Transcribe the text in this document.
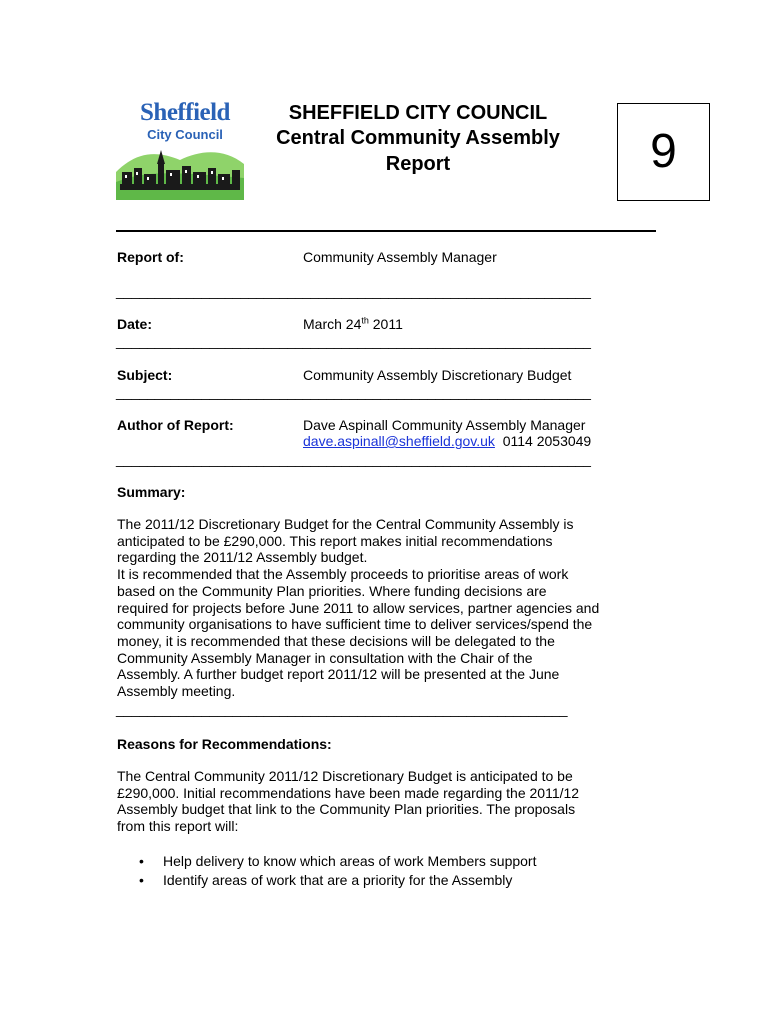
Sheffield
City Council
SHEFFIELD CITY COUNCIL
Central Community Assembly
Report	9
Report of:	Community Assembly Manager
_____________________________________________________________
Date:	March 24th 2011
_____________________________________________________________
Subject:	Community Assembly Discretionary Budget
_____________________________________________________________
Author of Report:	Dave Aspinall Community Assembly Manager
dave.aspinall@sheffield.gov.uk  0114 2053049
_____________________________________________________________
Summary:
The 2011/12 Discretionary Budget for the Central Community Assembly is
anticipated to be £290,000. This report makes initial recommendations
regarding the 2011/12 Assembly budget.
It is recommended that the Assembly proceeds to prioritise areas of work
based on the Community Plan priorities. Where funding decisions are
required for projects before June 2011 to allow services, partner agencies and
community organisations to have sufficient time to deliver services/spend the
money, it is recommended that these decisions will be delegated to the
Community Assembly Manager in consultation with the Chair of the
Assembly. A further budget report 2011/12 will be presented at the June
Assembly meeting.
__________________________________________________________
Reasons for Recommendations:
The Central Community 2011/12 Discretionary Budget is anticipated to be
£290,000. Initial recommendations have been made regarding the 2011/12
Assembly budget that link to the Community Plan priorities. The proposals
from this report will:
• Help delivery to know which areas of work Members support
• Identify areas of work that are a priority for the Assembly
